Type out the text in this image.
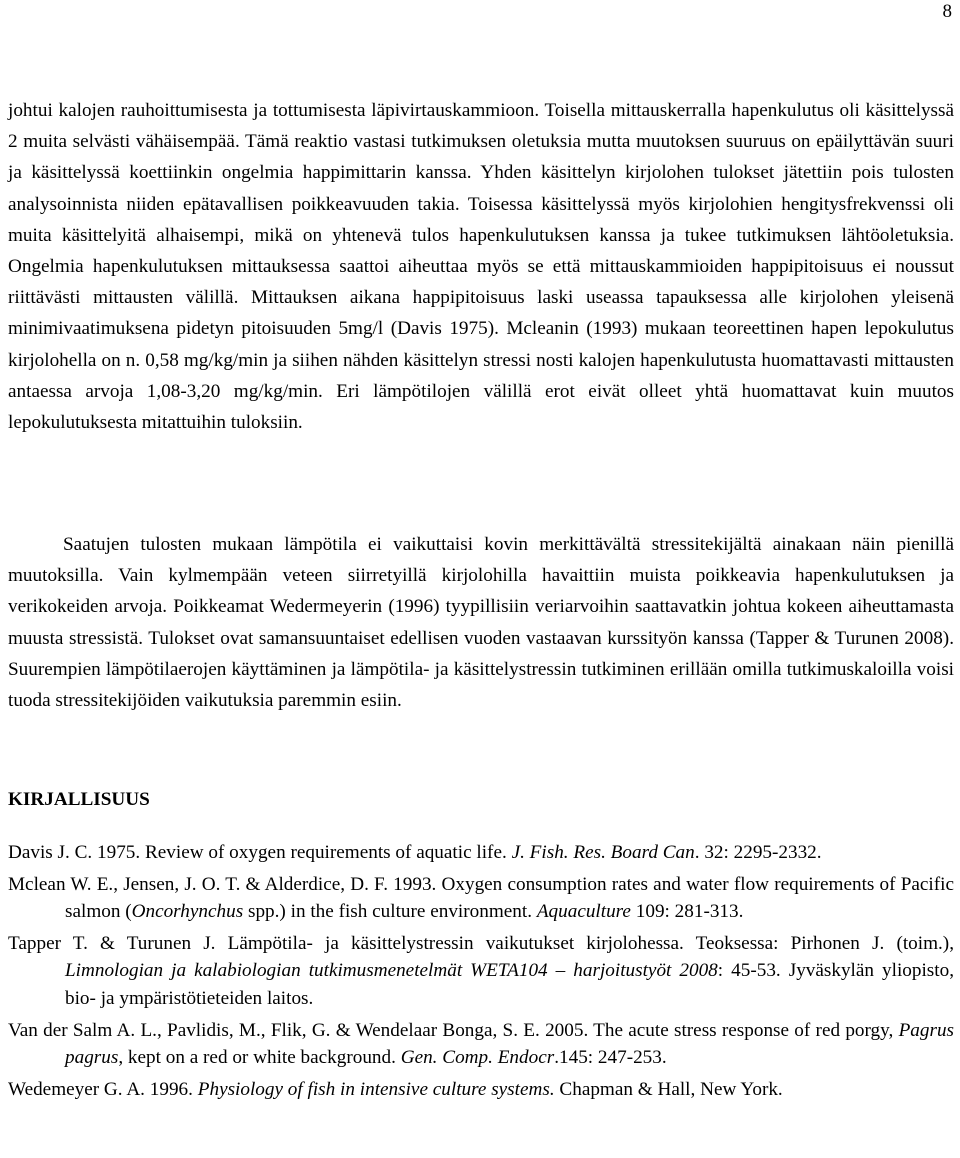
8

johtui kalojen rauhoittumisesta ja tottumisesta läpivirtauskammioon. Toisella mittauskerralla hapenkulutus oli käsittelyssä 2 muita selvästi vähäisempää. Tämä reaktio vastasi tutkimuksen oletuksia mutta muutoksen suuruus on epäilyttävän suuri ja käsittelyssä koettiinkin ongelmia happimittarin kanssa. Yhden käsittelyn kirjolohen tulokset jätettiin pois tulosten analysoinnista niiden epätavallisen poikkeavuuden takia. Toisessa käsittelyssä myös kirjolohien hengitysfrekvenssi oli muita käsittelyitä alhaisempi, mikä on yhtenevä tulos hapenkulutuksen kanssa ja tukee tutkimuksen lähtöoletuksia. Ongelmia hapenkulutuksen mittauksessa saattoi aiheuttaa myös se että mittauskammioiden happipitoisuus ei noussut riittävästi mittausten välillä. Mittauksen aikana happipitoisuus laski useassa tapauksessa alle kirjolohen yleisenä minimivaatimuksena pidetyn pitoisuuden 5mg/l (Davis 1975). Mcleanin (1993) mukaan teoreettinen hapen lepokulutus kirjolohella on n. 0,58 mg/kg/min ja siihen nähden käsittelyn stressi nosti kalojen hapenkulutusta huomattavasti mittausten antaessa arvoja 1,08-3,20 mg/kg/min. Eri lämpötilojen välillä erot eivät olleet yhtä huomattavat kuin muutos lepokulutuksesta mitattuihin tuloksiin.

Saatujen tulosten mukaan lämpötila ei vaikuttaisi kovin merkittävältä stressitekijältä ainakaan näin pienillä muutoksilla. Vain kylmempään veteen siirretyillä kirjolohilla havaittiin muista poikkeavia hapenkulutuksen ja verikokeiden arvoja. Poikkeamat Wedermeyerin (1996) tyypillisiin veriarvoihin saattavatkin johtua kokeen aiheuttamasta muusta stressistä. Tulokset ovat samansuuntaiset edellisen vuoden vastaavan kurssityön kanssa (Tapper & Turunen 2008). Suurempien lämpötilaerojen käyttäminen ja lämpötila- ja käsittelystressin tutkiminen erillään omilla tutkimuskaloilla voisi tuoda stressitekijöiden vaikutuksia paremmin esiin.

KIRJALLISUUS

Davis J. C. 1975. Review of oxygen requirements of aquatic life. J. Fish. Res. Board Can. 32: 2295-2332.

Mclean W. E., Jensen, J. O. T. & Alderdice, D. F. 1993. Oxygen consumption rates and water flow requirements of Pacific salmon (Oncorhynchus spp.) in the fish culture environment. Aquaculture 109: 281-313.

Tapper T. & Turunen J. Lämpötila- ja käsittelystressin vaikutukset kirjolohessa. Teoksessa: Pirhonen J. (toim.), Limnologian ja kalabiologian tutkimusmenetelmät WETA104 – harjoitustyöt 2008: 45-53. Jyväskylän yliopisto, bio- ja ympäristötieteiden laitos.

Van der Salm A. L., Pavlidis, M., Flik, G. & Wendelaar Bonga, S. E. 2005. The acute stress response of red porgy, Pagrus pagrus, kept on a red or white background. Gen. Comp. Endocr.145: 247-253.

Wedemeyer G. A. 1996. Physiology of fish in intensive culture systems. Chapman & Hall, New York.
